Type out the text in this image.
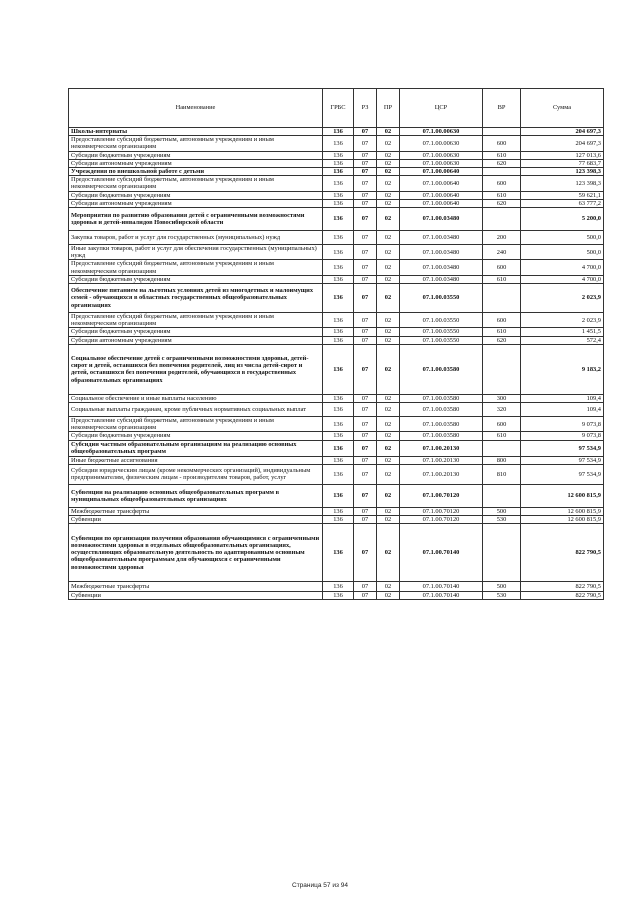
Наименование	ГРБС	РЗ	ПР	ЦСР	ВР	Сумма
Школы-интернаты	136	07	02	07.1.00.00630		204 697,3
Предоставление субсидий бюджетным, автономным учреждениям и иным некоммерческим организациям	136	07	02	07.1.00.00630	600	204 697,3
Субсидии бюджетным учреждениям	136	07	02	07.1.00.00630	610	127 013,6
Субсидии автономным учреждениям	136	07	02	07.1.00.00630	620	77 683,7
Учреждения по внешкольной работе с детьми	136	07	02	07.1.00.00640		123 398,3
Предоставление субсидий бюджетным, автономным учреждениям и иным некоммерческим организациям	136	07	02	07.1.00.00640	600	123 398,3
Субсидии бюджетным учреждениям	136	07	02	07.1.00.00640	610	59 621,1
Субсидии автономным учреждениям	136	07	02	07.1.00.00640	620	63 777,2
Мероприятия по развитию образования детей с ограниченными возможностями здоровья и детей-инвалидов Новосибирской области	136	07	02	07.1.00.03480		5 200,0
Закупка товаров, работ и услуг для государственных (муниципальных) нужд	136	07	02	07.1.00.03480	200	500,0
Иные закупки товаров, работ и услуг для обеспечения государственных (муниципальных) нужд	136	07	02	07.1.00.03480	240	500,0
Предоставление субсидий бюджетным, автономным учреждениям и иным некоммерческим организациям	136	07	02	07.1.00.03480	600	4 700,0
Субсидии бюджетным учреждениям	136	07	02	07.1.00.03480	610	4 700,0
Обеспечение питанием на льготных условиях детей из многодетных и малоимущих семей - обучающихся в областных государственных общеобразовательных организациях	136	07	02	07.1.00.03550		2 023,9
Предоставление субсидий бюджетным, автономным учреждениям и иным некоммерческим организациям	136	07	02	07.1.00.03550	600	2 023,9
Субсидии бюджетным учреждениям	136	07	02	07.1.00.03550	610	1 451,5
Субсидии автономным учреждениям	136	07	02	07.1.00.03550	620	572,4
Социальное обеспечение детей с ограниченными возможностями здоровья, детей-сирот и детей, оставшихся без попечения родителей, лиц из числа детей-сирот и детей, оставшихся без попечения родителей, обучающихся в государственных образовательных организациях	136	07	02	07.1.00.03580		9 183,2
Социальное обеспечение и иные выплаты населению	136	07	02	07.1.00.03580	300	109,4
Социальные выплаты гражданам, кроме публичных нормативных социальных выплат	136	07	02	07.1.00.03580	320	109,4
Предоставление субсидий бюджетным, автономным учреждениям и иным некоммерческим организациям	136	07	02	07.1.00.03580	600	9 073,8
Субсидии бюджетным учреждениям	136	07	02	07.1.00.03580	610	9 073,8
Субсидии частным образовательным организациям на реализацию основных общеобразовательных программ	136	07	02	07.1.00.20130		97 534,9
Иные бюджетные ассигнования	136	07	02	07.1.00.20130	800	97 534,9
Субсидии юридическим лицам (кроме некоммерческих организаций), индивидуальным предпринимателям, физическим лицам - производителям товаров, работ, услуг	136	07	02	07.1.00.20130	810	97 534,9
Субвенции на реализацию основных общеобразовательных программ в муниципальных общеобразовательных организациях	136	07	02	07.1.00.70120		12 600 815,9
Межбюджетные трансферты	136	07	02	07.1.00.70120	500	12 600 815,9
Субвенции	136	07	02	07.1.00.70120	530	12 600 815,9
Субвенции по организации получения образования обучающимися с ограниченными возможностями здоровья в отдельных общеобразовательных организациях, осуществляющих образовательную деятельность по адаптированным основным общеобразовательным программам для обучающихся с ограниченными возможностями здоровья	136	07	02	07.1.00.70140		822 790,5
Межбюджетные трансферты	136	07	02	07.1.00.70140	500	822 790,5
Субвенции	136	07	02	07.1.00.70140	530	822 790,5
Страница 57 из 94
